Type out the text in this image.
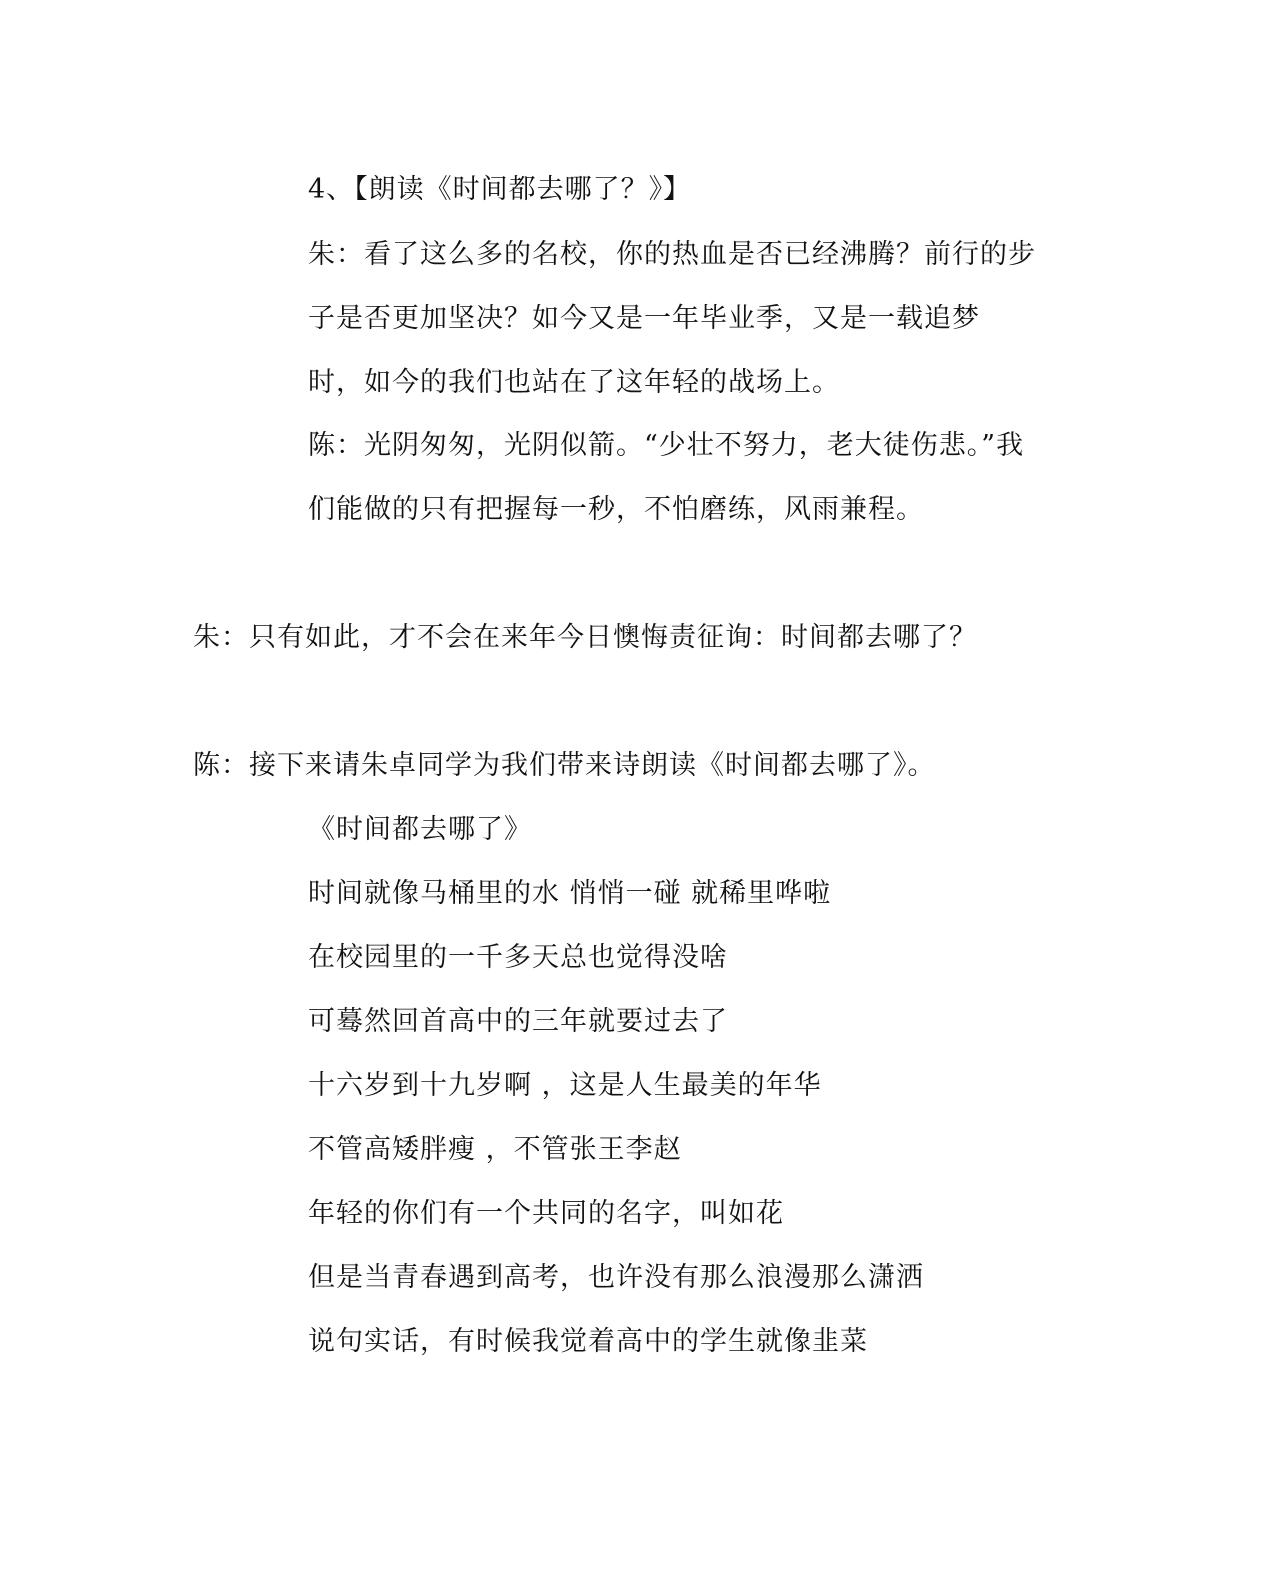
4、【朗读《时间都去哪了？》】
朱：看了这么多的名校，你的热血是否已经沸腾？前行的步
子是否更加坚决？如今又是一年毕业季，又是一载追梦
时，如今的我们也站在了这年轻的战场上。
陈：光阴匆匆，光阴似箭。“少壮不努力，老大徒伤悲。”我
们能做的只有把握每一秒，不怕磨练，风雨兼程。
朱：只有如此，才不会在来年今日懊悔责征询：时间都去哪了？
陈：接下来请朱卓同学为我们带来诗朗读《时间都去哪了》。
《时间都去哪了》
时间就像马桶里的水 悄悄一碰 就稀里哗啦
在校园里的一千多天总也觉得没啥
可蓦然回首高中的三年就要过去了
十六岁到十九岁啊 ，这是人生最美的年华
不管高矮胖瘦 ，不管张王李赵
年轻的你们有一个共同的名字，叫如花
但是当青春遇到高考，也许没有那么浪漫那么潇洒
说句实话，有时候我觉着高中的学生就像韭菜
